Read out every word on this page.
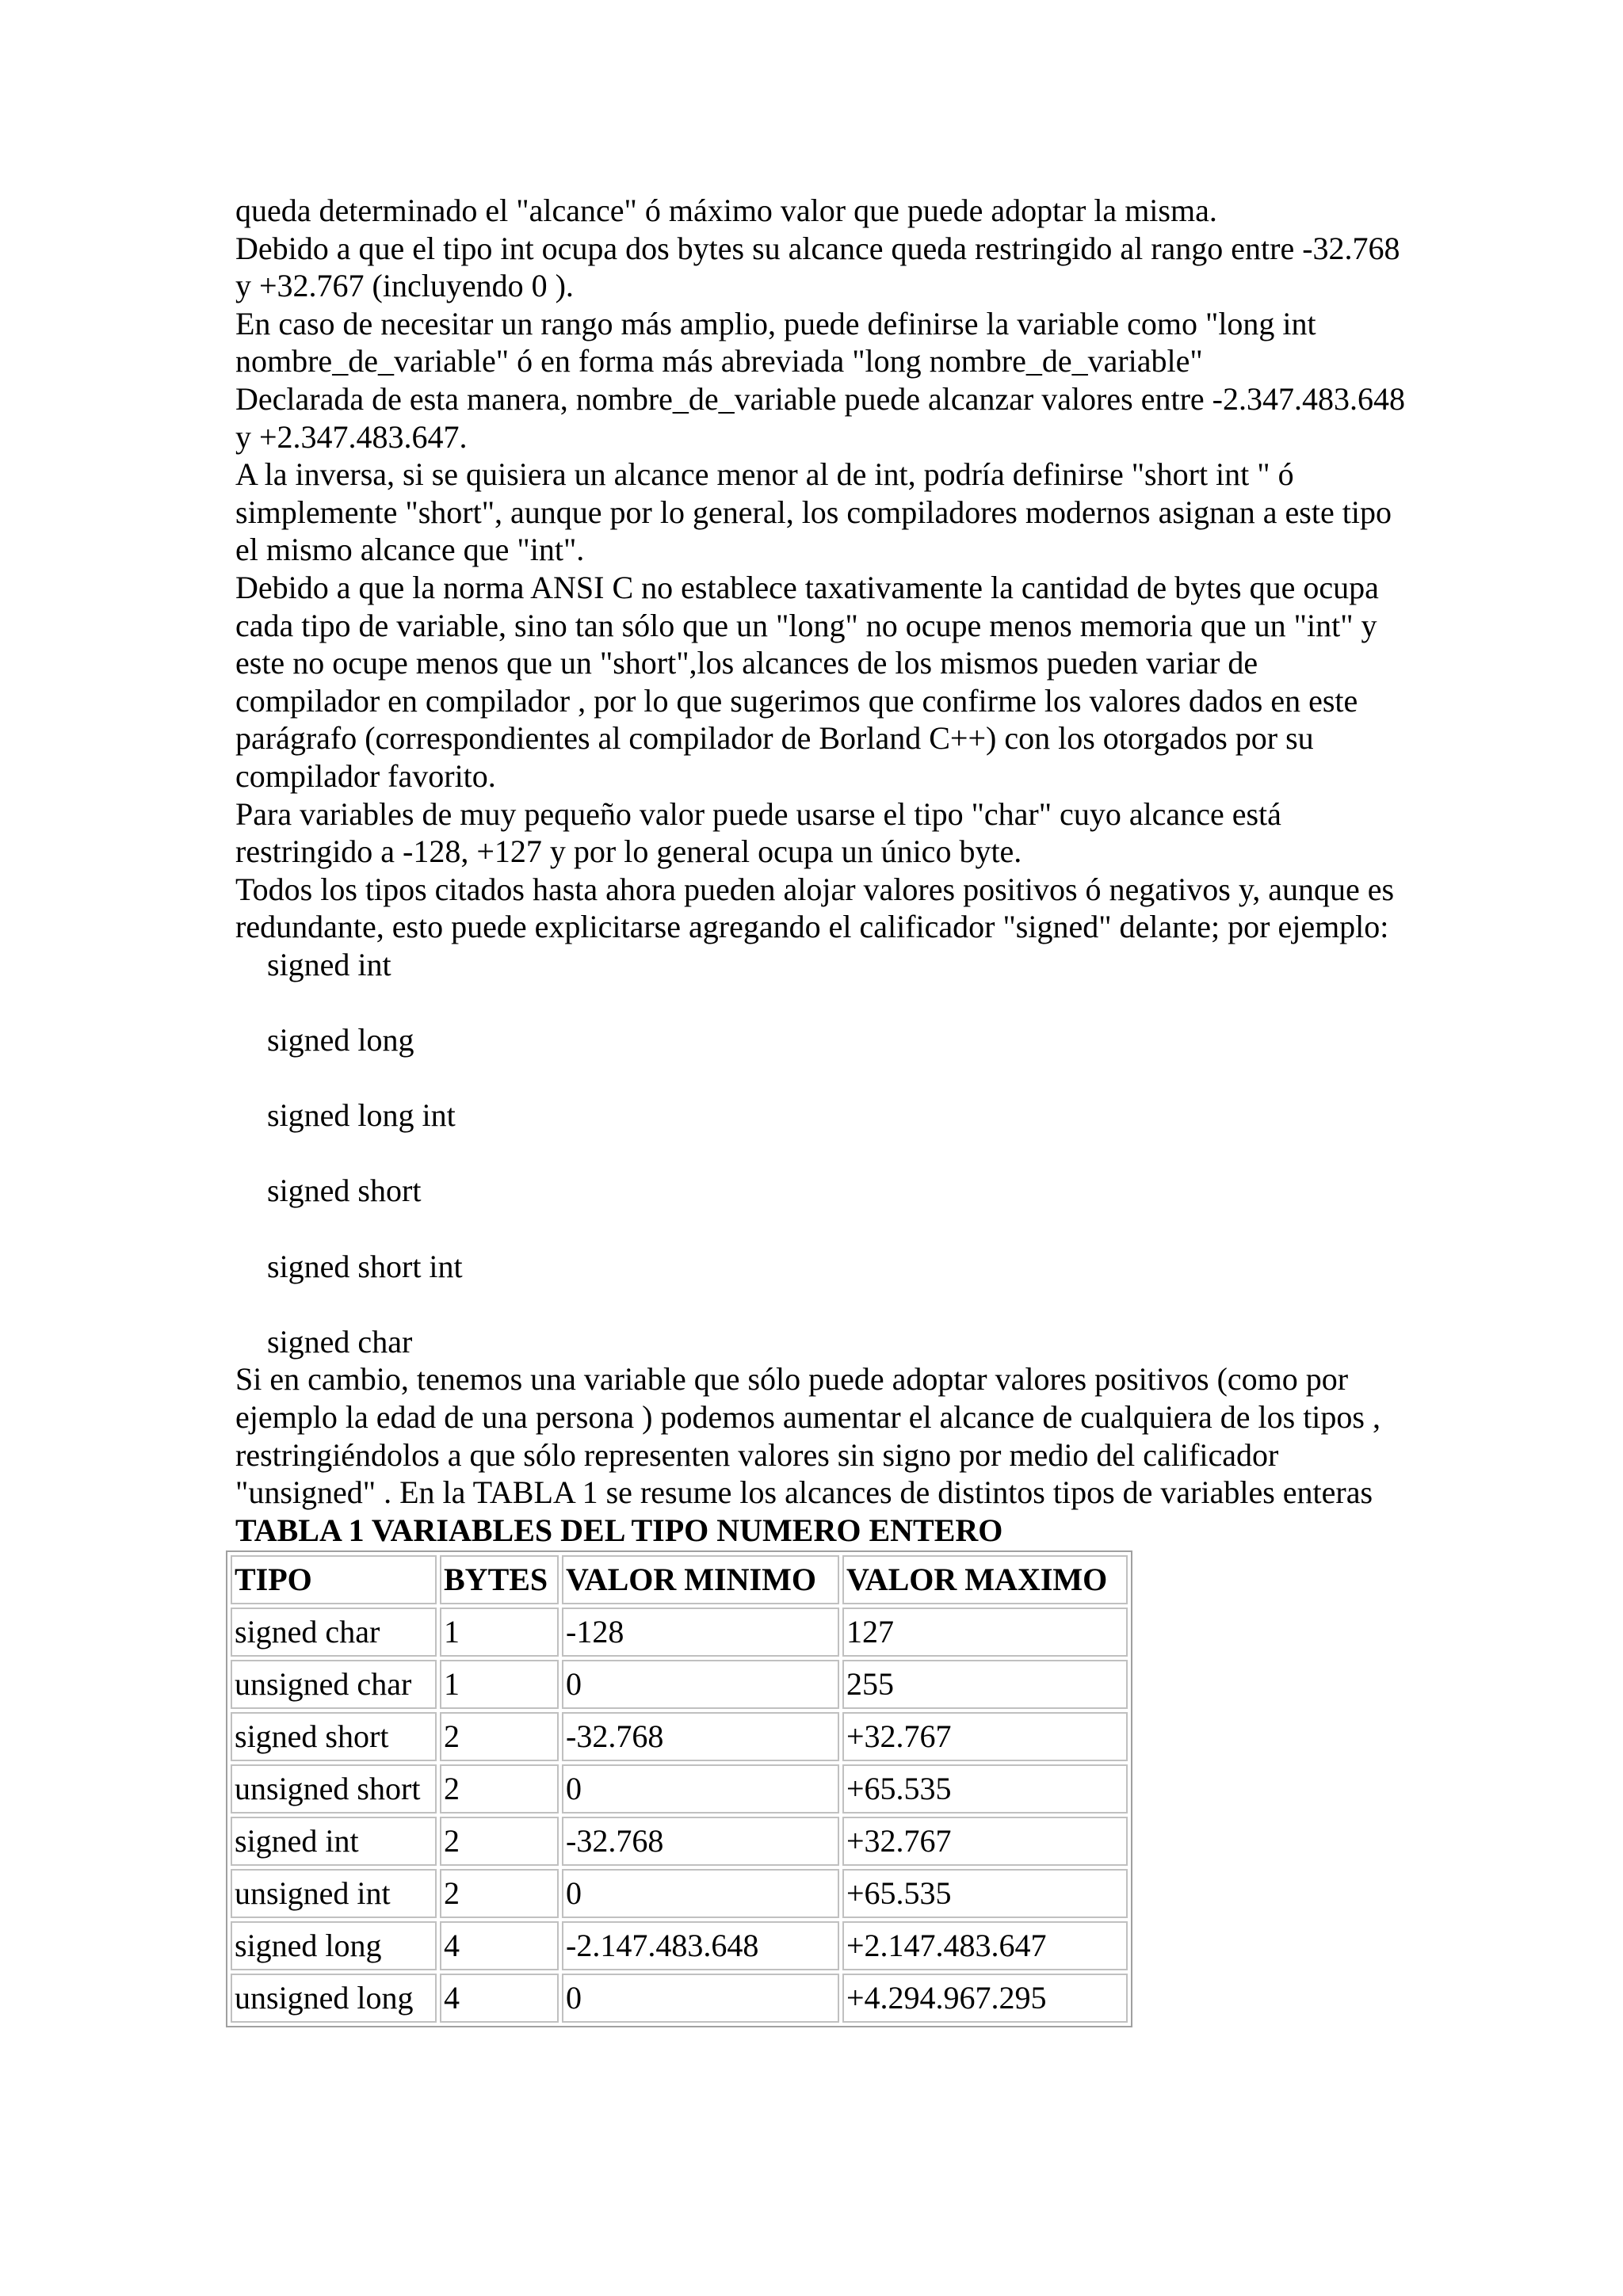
queda determinado el "alcance" ó máximo valor que puede adoptar la misma.

Debido a que el tipo int ocupa dos bytes su alcance queda restringido al rango entre -32.768 y +32.767 (incluyendo 0 ).

En caso de necesitar un rango más amplio, puede definirse la variable como "long int nombre_de_variable" ó en forma más abreviada "long nombre_de_variable"

Declarada de esta manera, nombre_de_variable puede alcanzar valores entre -2.347.483.648 y +2.347.483.647.

A la inversa, si se quisiera un alcance menor al de int, podría definirse "short int " ó simplemente "short", aunque por lo general, los compiladores modernos asignan a este tipo el mismo alcance que "int".

Debido a que la norma ANSI C no establece taxativamente la cantidad de bytes que ocupa cada tipo de variable, sino tan sólo que un "long" no ocupe menos memoria que un "int" y este no ocupe menos que un "short",los alcances de los mismos pueden variar de compilador en compilador , por lo que sugerimos que confirme los valores dados en este parágrafo (correspondientes al compilador de Borland C++) con los otorgados por su compilador favorito.

Para variables de muy pequeño valor puede usarse el tipo "char" cuyo alcance está restringido a -128, +127 y por lo general ocupa un único byte.

Todos los tipos citados hasta ahora pueden alojar valores positivos ó negativos y, aunque es redundante, esto puede explicitarse agregando el calificador "signed" delante; por ejemplo:

signed int

signed long

signed long int

signed short

signed short int

signed char

Si en cambio, tenemos una variable que sólo puede adoptar valores positivos (como por ejemplo la edad de una persona ) podemos aumentar el alcance de cualquiera de los tipos , restringiéndolos a que sólo representen valores sin signo por medio del calificador "unsigned" . En la TABLA 1 se resume los alcances de distintos tipos de variables enteras

TABLA 1 VARIABLES DEL TIPO NUMERO ENTERO

TIPO	BYTES	VALOR MINIMO	VALOR MAXIMO
signed char	1	-128	127
unsigned char	1	0	255
signed short	2	-32.768	+32.767
unsigned short	2	0	+65.535
signed int	2	-32.768	+32.767
unsigned int	2	0	+65.535
signed long	4	-2.147.483.648	+2.147.483.647
unsigned long	4	0	+4.294.967.295
